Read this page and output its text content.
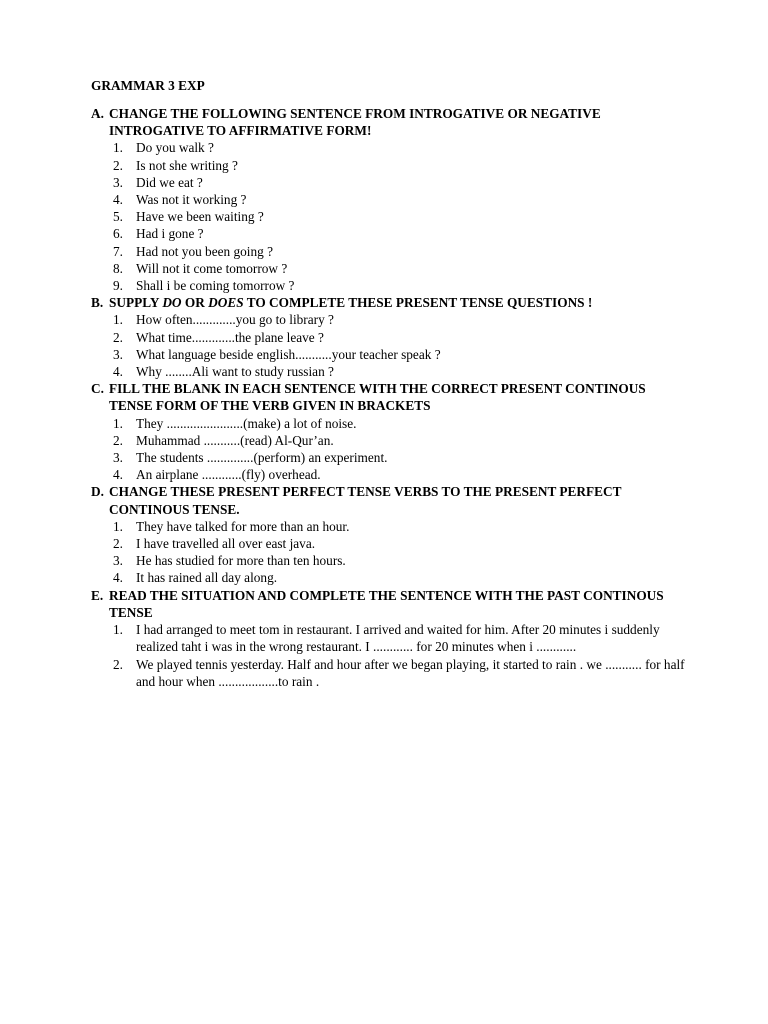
GRAMMAR 3 EXP

A. CHANGE THE FOLLOWING SENTENCE FROM INTROGATIVE OR NEGATIVE INTROGATIVE TO AFFIRMATIVE FORM!

1. Do you walk ?

2. Is not she writing ?

3. Did we eat ?

4. Was not it working ?

5. Have we been waiting ?

6. Had i gone ?

7. Had not you been going ?

8. Will not it come tomorrow ?

9. Shall i be coming tomorrow ?

B. SUPPLY DO OR DOES TO COMPLETE THESE PRESENT TENSE QUESTIONS !

1. How often.............you go to library ?

2. What time.............the plane leave ?

3. What language beside english...........your teacher speak ?

4. Why ........Ali want to study russian ?

C. FILL THE BLANK IN EACH SENTENCE WITH THE CORRECT PRESENT CONTINOUS TENSE FORM OF THE VERB GIVEN IN BRACKETS

1. They .......................(make) a lot of noise.

2. Muhammad ...........(read) Al-Qur’an.

3. The students ..............(perform) an experiment.

4. An airplane ............(fly) overhead.

D. CHANGE THESE PRESENT PERFECT TENSE VERBS TO THE PRESENT PERFECT CONTINOUS TENSE.

1. They have talked for more than an hour.

2. I have travelled all over east java.

3. He has studied for more than ten hours.

4. It has rained all day along.

E. READ THE SITUATION AND COMPLETE THE SENTENCE WITH THE PAST CONTINOUS TENSE

1. I had arranged to meet tom in restaurant. I arrived and waited for him. After 20 minutes i suddenly realized taht i was in the wrong restaurant. I ............ for 20 minutes when i ............

2. We played tennis yesterday. Half and hour after we began playing, it started to rain . we ........... for half and hour when ..................to rain .
